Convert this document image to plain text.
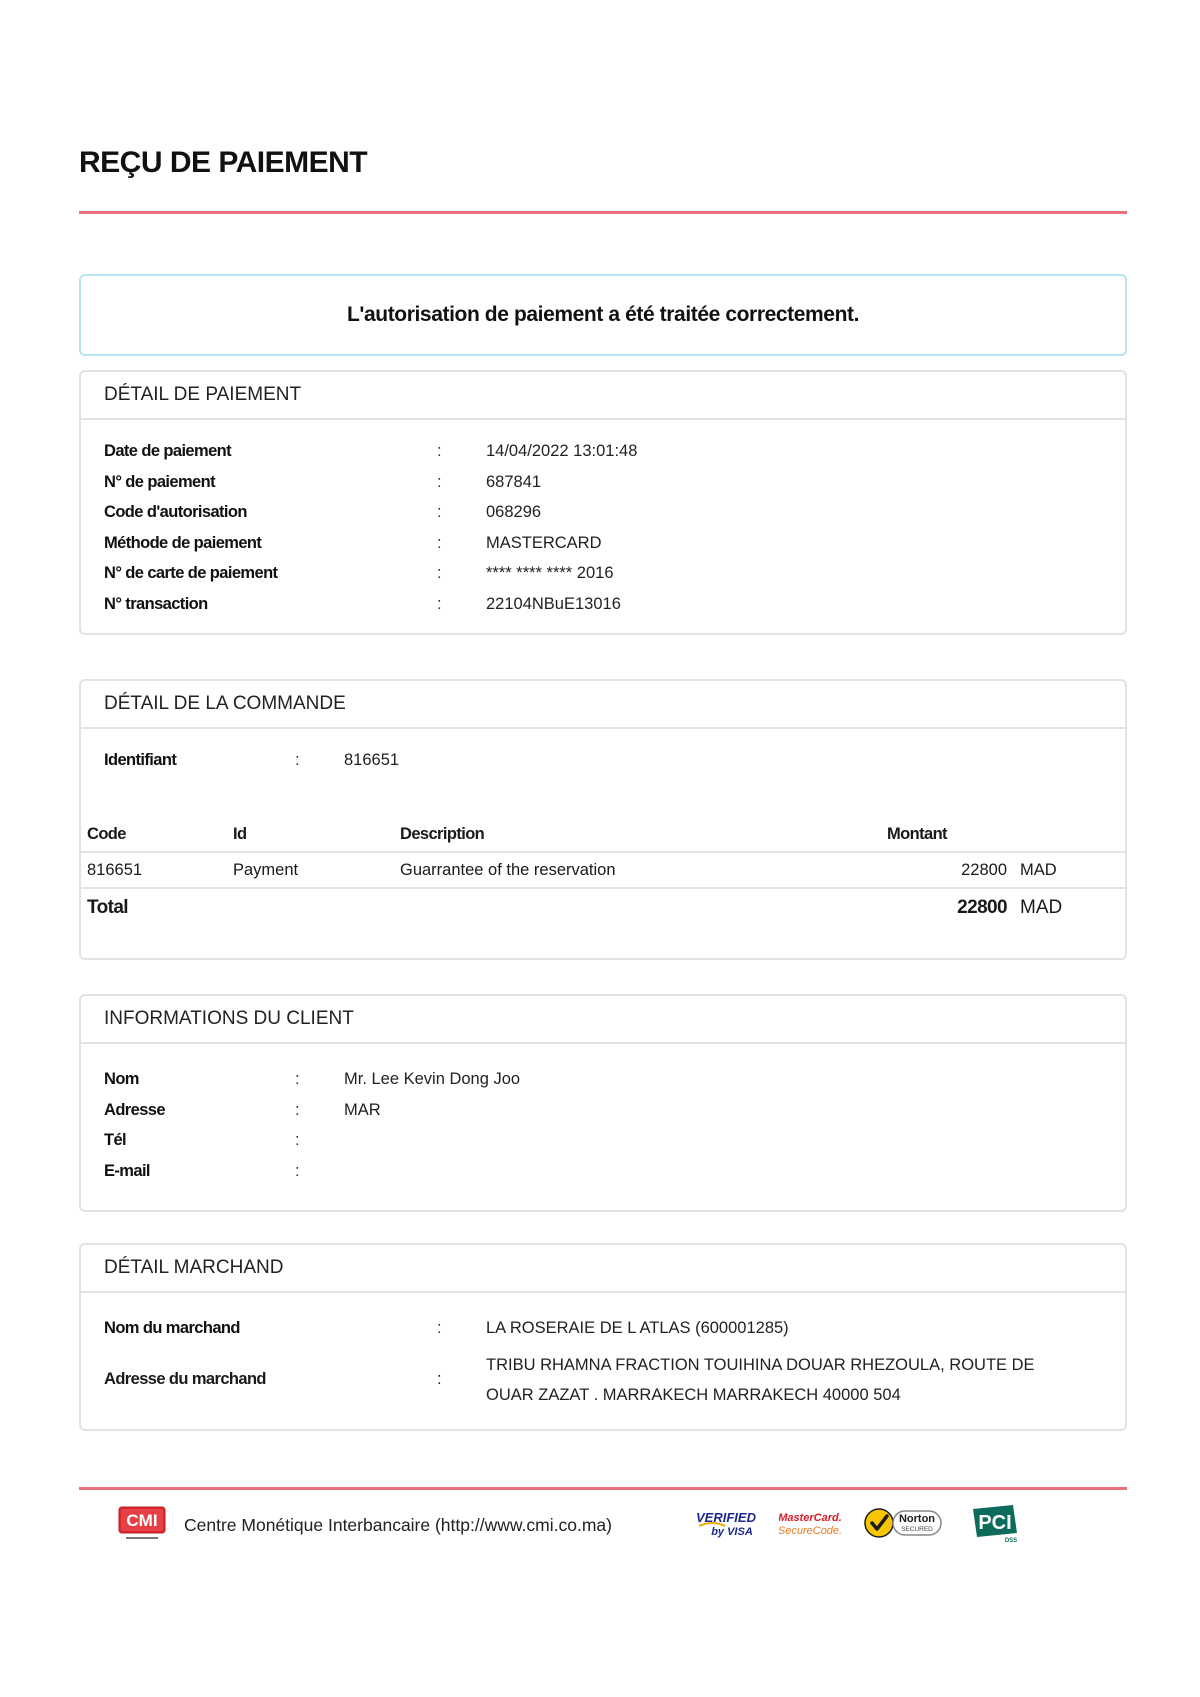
REÇU DE PAIEMENT
L'autorisation de paiement a été traitée correctement.
DÉTAIL DE PAIEMENT
Date de paiement	:	14/04/2022 13:01:48
N° de paiement	:	687841
Code d'autorisation	:	068296
Méthode de paiement	:	MASTERCARD
N° de carte de paiement	:	**** **** **** 2016
N° transaction	:	22104NBuE13016
DÉTAIL DE LA COMMANDE
Identifiant	:	816651
Code	Id	Description	Montant
816651	Payment	Guarrantee of the reservation	22800 MAD
Total	22800 MAD
INFORMATIONS DU CLIENT
Nom	:	Mr. Lee Kevin Dong Joo
Adresse	:	MAR
Tél	:
E-mail	:
DÉTAIL MARCHAND
Nom du marchand	:	LA ROSERAIE DE L ATLAS (600001285)
Adresse du marchand	:
TRIBU RHAMNA FRACTION TOUIHINA DOUAR RHEZOULA, ROUTE DE
OUAR ZAZAT . MARRAKECH MARRAKECH 40000 504
CMI Centre Monétique Interbancaire (http://www.cmi.co.ma)	VERIFIED
by VISA
MasterCard.
SecureCode.
Norton
SECURED PCI
DSS
